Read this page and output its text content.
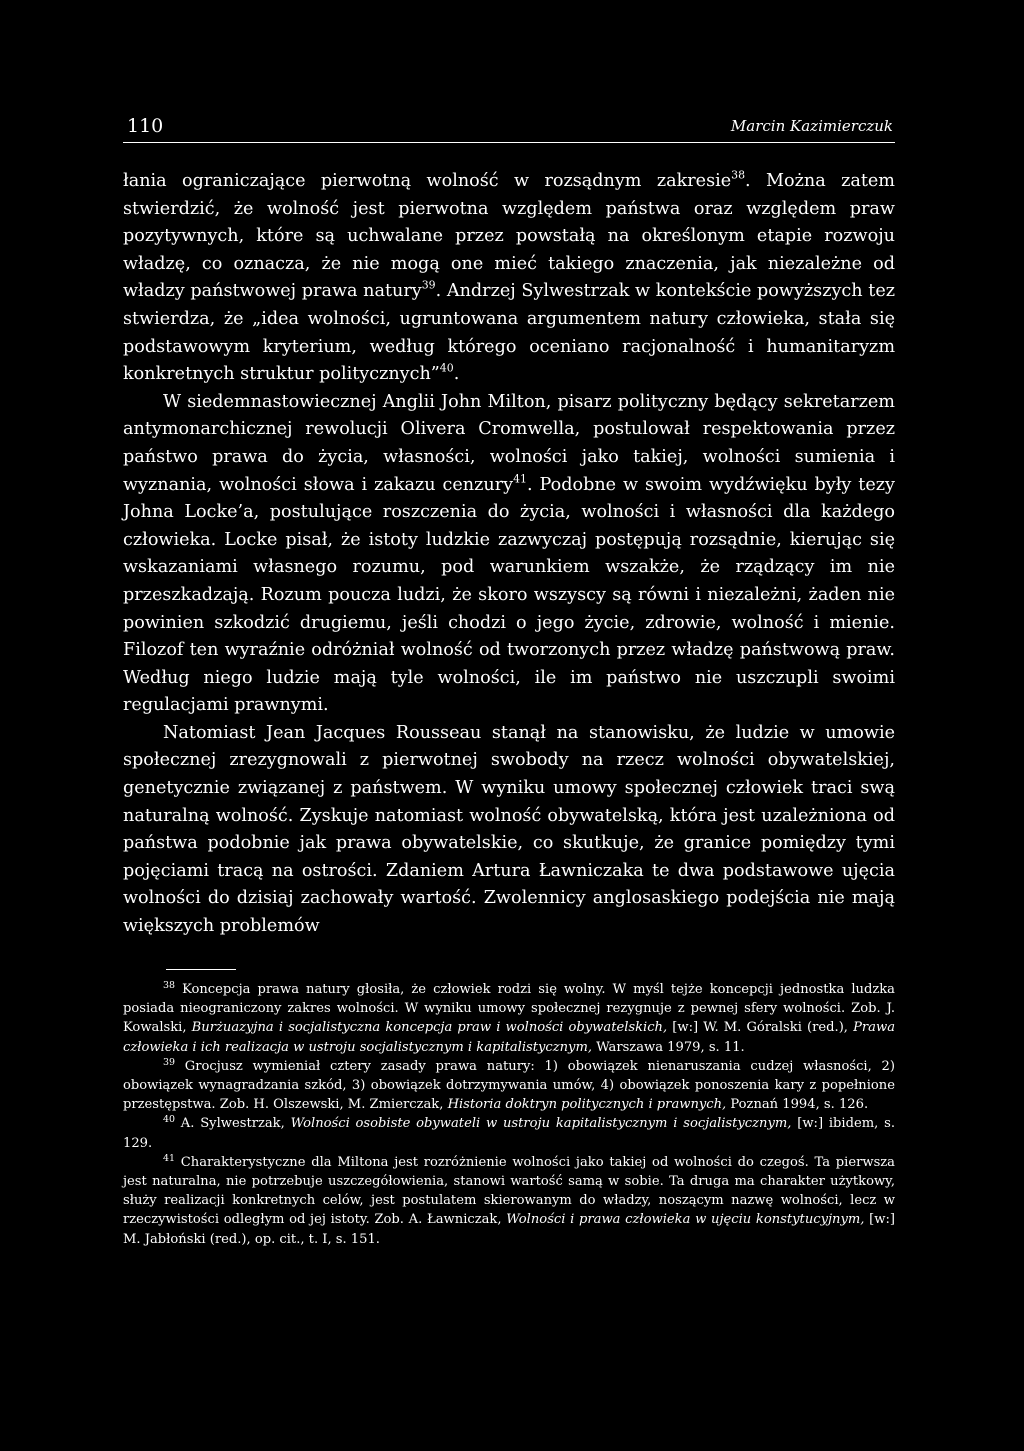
110	Marcin Kazimierczuk

łania ograniczające pierwotną wolność w rozsądnym zakresie$^{38}$. Można zatem stwierdzić, że wolność jest pierwotna względem państwa oraz względem praw pozytywnych, które są uchwalane przez powstałą na określonym etapie rozwoju władzę, co oznacza, że nie mogą one mieć takiego znaczenia, jak niezależne od władzy państwowej prawa natury$^{39}$. Andrzej Sylwestrzak w kontekście powyższych tez stwierdza, że „idea wolności, ugruntowana argumentem natury człowieka, stała się podstawowym kryterium, według którego oceniano racjonalność i humanitaryzm konkretnych struktur politycznych”$^{40}$.

W siedemnastowiecznej Anglii John Milton, pisarz polityczny będący sekretarzem antymonarchicznej rewolucji Olivera Cromwella, postulował respektowania przez państwo prawa do życia, własności, wolności jako takiej, wolności sumienia i wyznania, wolności słowa i zakazu cenzury$^{41}$. Podobne w swoim wydźwięku były tezy Johna Locke’a, postulujące roszczenia do życia, wolności i własności dla każdego człowieka. Locke pisał, że istoty ludzkie zazwyczaj postępują rozsądnie, kierując się wskazaniami własnego rozumu, pod warunkiem wszakże, że rządzący im nie przeszkadzają. Rozum poucza ludzi, że skoro wszyscy są równi i niezależni, żaden nie powinien szkodzić drugiemu, jeśli chodzi o jego życie, zdrowie, wolność i mienie. Filozof ten wyraźnie odróżniał wolność od tworzonych przez władzę państwową praw. Według niego ludzie mają tyle wolności, ile im państwo nie uszczupli swoimi regulacjami prawnymi.

Natomiast Jean Jacques Rousseau stanął na stanowisku, że ludzie w umowie społecznej zrezygnowali z pierwotnej swobody na rzecz wolności obywatelskiej, genetycznie związanej z państwem. W wyniku umowy społecznej człowiek traci swą naturalną wolność. Zyskuje natomiast wolność obywatelską, która jest uzależniona od państwa podobnie jak prawa obywatelskie, co skutkuje, że granice pomiędzy tymi pojęciami tracą na ostrości. Zdaniem Artura Ławniczaka te dwa podstawowe ujęcia wolności do dzisiaj zachowały wartość. Zwolennicy anglosaskiego podejścia nie mają większych problemów

$^{38}$ Koncepcja prawa natury głosiła, że człowiek rodzi się wolny. W myśl tejże koncepcji jednostka ludzka posiada nieograniczony zakres wolności. W wyniku umowy społecznej rezygnuje z pewnej sfery wolności. Zob. J. Kowalski, Burżuazyjna i socjalistyczna koncepcja praw i wolności obywatelskich, [w:] W. M. Góralski (red.), Prawa człowieka i ich realizacja w ustroju socjalistycznym i kapitalistycznym, Warszawa 1979, s. 11.

$^{39}$ Grocjusz wymieniał cztery zasady prawa natury: 1) obowiązek nienaruszania cudzej własności, 2) obowiązek wynagradzania szkód, 3) obowiązek dotrzymywania umów, 4) obowiązek ponoszenia kary z popełnione przestępstwa. Zob. H. Olszewski, M. Zmierczak, Historia doktryn politycznych i prawnych, Poznań 1994, s. 126.

$^{40}$ A. Sylwestrzak, Wolności osobiste obywateli w ustroju kapitalistycznym i socjalistycznym, [w:] ibidem, s. 129.

$^{41}$ Charakterystyczne dla Miltona jest rozróżnienie wolności jako takiej od wolności do czegoś. Ta pierwsza jest naturalna, nie potrzebuje uszczegółowienia, stanowi wartość samą w sobie. Ta druga ma charakter użytkowy, służy realizacji konkretnych celów, jest postulatem skierowanym do władzy, noszącym nazwę wolności, lecz w rzeczywistości odległym od jej istoty. Zob. A. Ławniczak, Wolności i prawa człowieka w ujęciu konstytucyjnym, [w:] M. Jabłoński (red.), op. cit., t. I, s. 151.
